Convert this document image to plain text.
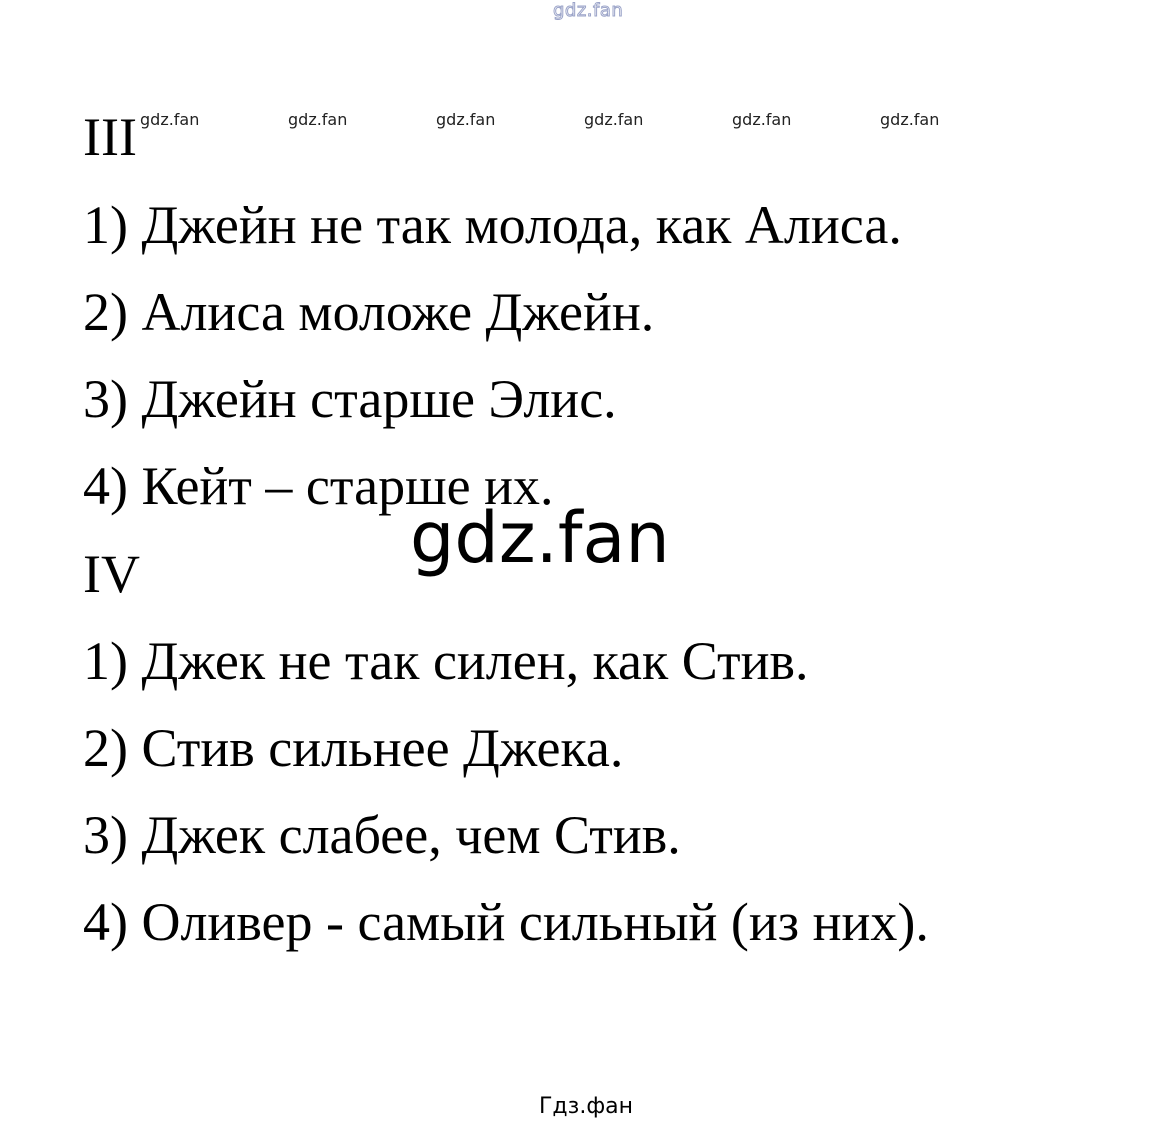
gdz.fan
III gdz.fan	gdz.fan	gdz.fan	gdz.fan	gdz.fan	gdz.fan
1) Джейн не так молода, как Алиса.
2) Алиса моложе Джейн.
3) Джейн старше Элис.
4) Кейт – старше их.
IV
1) Джек не так силен, как Стив.
2) Стив сильнее Джека.
3) Джек слабее, чем Стив.
4) Оливер - самый сильный (из них).
gdz.fan
Гдз.фан
